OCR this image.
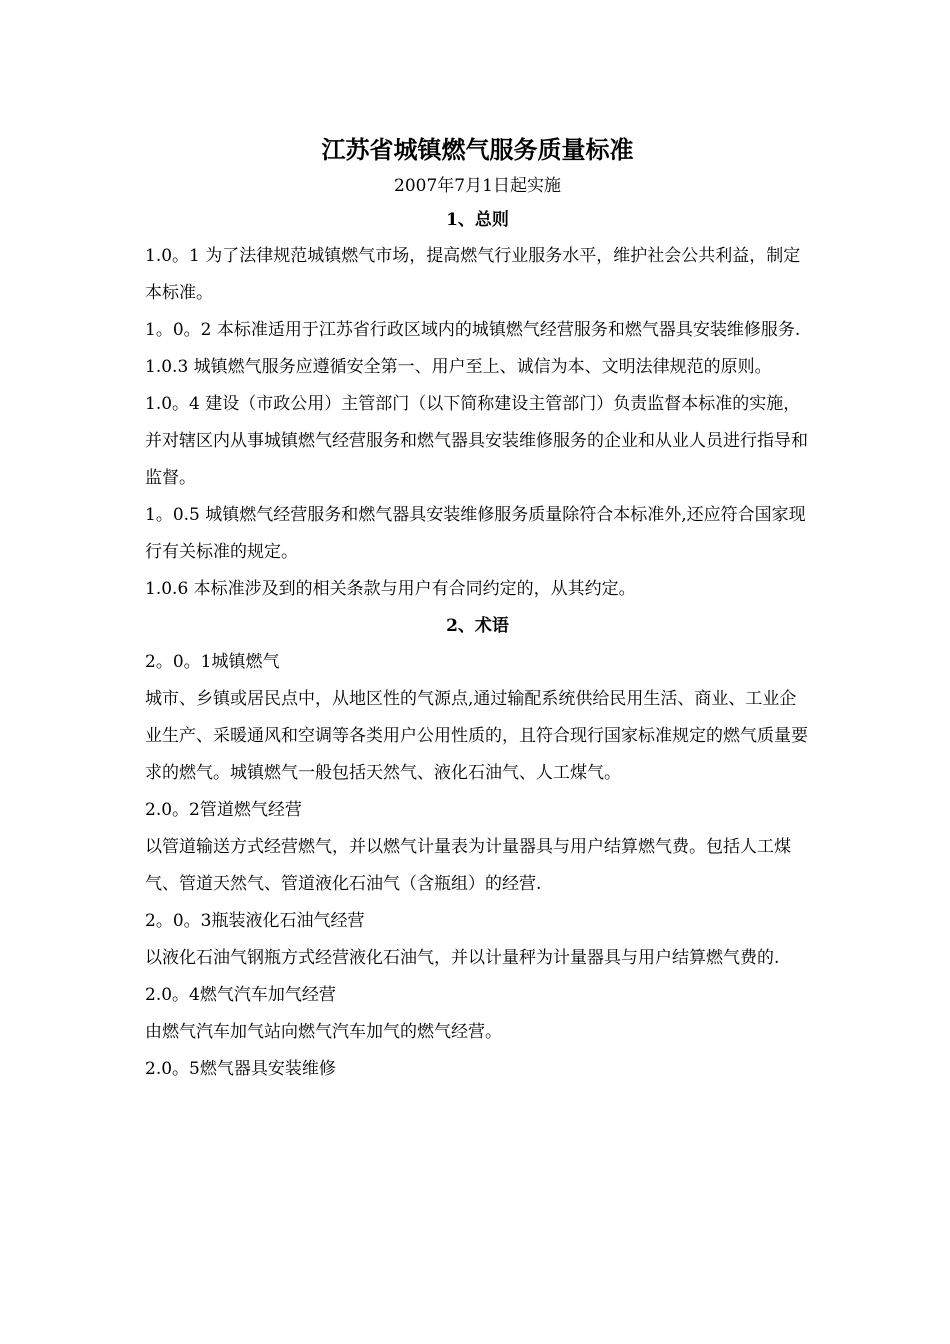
江苏省城镇燃气服务质量标准

2007年7月1日起实施

1、总则

1.0。1 为了法律规范城镇燃气市场，提高燃气行业服务水平，维护社会公共利益，制定本标准。

1。0。2 本标准适用于江苏省行政区域内的城镇燃气经营服务和燃气器具安装维修服务.

1.0.3 城镇燃气服务应遵循安全第一、用户至上、诚信为本、文明法律规范的原则。

1.0。4 建设（市政公用）主管部门（以下简称建设主管部门）负责监督本标准的实施，并对辖区内从事城镇燃气经营服务和燃气器具安装维修服务的企业和从业人员进行指导和监督。

1。0.5 城镇燃气经营服务和燃气器具安装维修服务质量除符合本标准外,还应符合国家现行有关标准的规定。

1.0.6 本标准涉及到的相关条款与用户有合同约定的，从其约定。

2、术语

2。0。1城镇燃气

城市、乡镇或居民点中，从地区性的气源点,通过输配系统供给民用生活、商业、工业企业生产、采暖通风和空调等各类用户公用性质的，且符合现行国家标准规定的燃气质量要求的燃气。城镇燃气一般包括天然气、液化石油气、人工煤气。

2.0。2管道燃气经营

以管道输送方式经营燃气，并以燃气计量表为计量器具与用户结算燃气费。包括人工煤气、管道天然气、管道液化石油气（含瓶组）的经营.

2。0。3瓶装液化石油气经营

以液化石油气钢瓶方式经营液化石油气，并以计量秤为计量器具与用户结算燃气费的.

2.0。4燃气汽车加气经营

由燃气汽车加气站向燃气汽车加气的燃气经营。

2.0。5燃气器具安装维修
